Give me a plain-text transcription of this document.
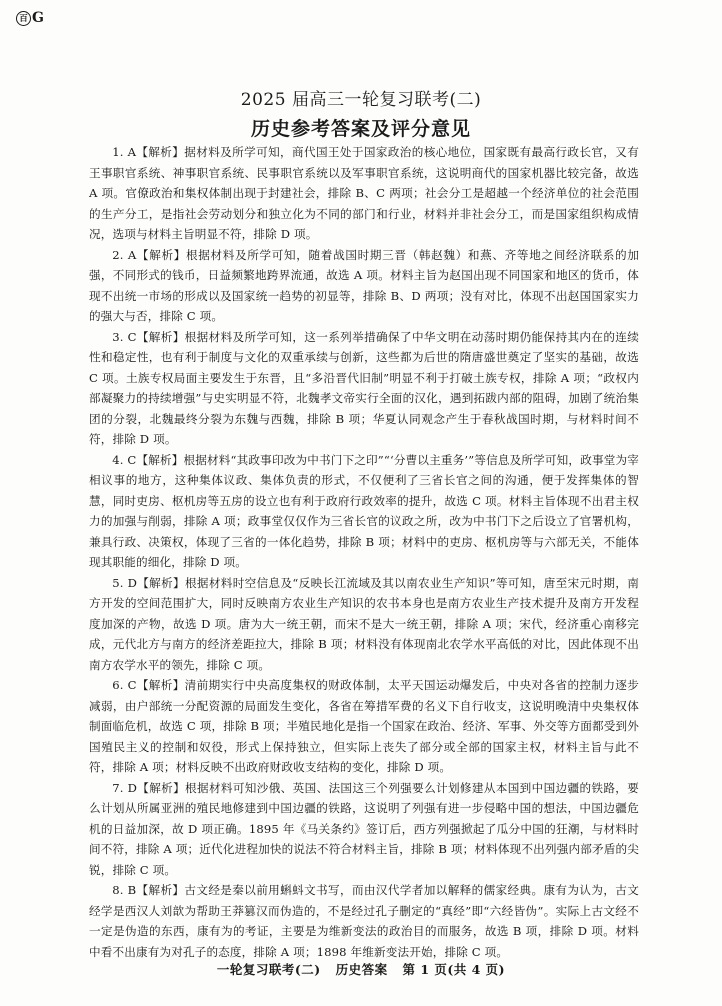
百 G
2025 届高三一轮复习联考(二)
历史参考答案及评分意见

1. A【解析】据材料及所学可知，商代国王处于国家政治的核心地位，国家既有最高行政长官，又有王事职官系统、神事职官系统、民事职官系统以及军事职官系统，这说明商代的国家机器比较完备，故选 A 项。官僚政治和集权体制出现于封建社会，排除 B、C 两项；社会分工是超越一个经济单位的社会范围的生产分工，是指社会劳动划分和独立化为不同的部门和行业，材料并非社会分工，而是国家组织构成情况，选项与材料主旨明显不符，排除 D 项。

2. A【解析】根据材料及所学可知，随着战国时期三晋（韩赵魏）和燕、齐等地之间经济联系的加强，不同形式的钱币，日益频繁地跨界流通，故选 A 项。材料主旨为赵国出现不同国家和地区的货币，体现不出统一市场的形成以及国家统一趋势的初显等，排除 B、D 两项；没有对比，体现不出赵国国家实力的强大与否，排除 C 项。

3. C【解析】根据材料及所学可知，这一系列举措确保了中华文明在动荡时期仍能保持其内在的连续性和稳定性，也有利于制度与文化的双重承续与创新，这些都为后世的隋唐盛世奠定了坚实的基础，故选 C 项。土族专权局面主要发生于东晋，且“多沿晋代旧制”明显不利于打破土族专权，排除 A 项；“政权内部凝聚力的持续增强”与史实明显不符，北魏孝文帝实行全面的汉化，遇到拓跋内部的阻碍，加剧了统治集团的分裂，北魏最终分裂为东魏与西魏，排除 B 项；华夏认同观念产生于春秋战国时期，与材料时间不符，排除 D 项。

4. C【解析】根据材料“其政事印改为中书门下之印”“‘分曹以主重务’”等信息及所学可知，政事堂为宰相议事的地方，这种集体议政、集体负责的形式，不仅便利了三省长官之间的沟通，便于发挥集体的智慧，同时吏房、枢机房等五房的设立也有利于政府行政效率的提升，故选 C 项。材料主旨体现不出君主权力的加强与削弱，排除 A 项；政事堂仅仅作为三省长官的议政之所，改为中书门下之后设立了官署机构，兼具行政、决策权，体现了三省的一体化趋势，排除 B 项；材料中的吏房、枢机房等与六部无关，不能体现其职能的细化，排除 D 项。

5. D【解析】根据材料时空信息及“反映长江流域及其以南农业生产知识”等可知，唐至宋元时期，南方开发的空间范围扩大，同时反映南方农业生产知识的农书本身也是南方农业生产技术提升及南方开发程度加深的产物，故选 D 项。唐为大一统王朝，而宋不是大一统王朝，排除 A 项；宋代，经济重心南移完成，元代北方与南方的经济差距拉大，排除 B 项；材料没有体现南北农学水平高低的对比，因此体现不出南方农学水平的领先，排除 C 项。

6. C【解析】清前期实行中央高度集权的财政体制，太平天国运动爆发后，中央对各省的控制力逐步减弱，由户部统一分配资源的局面发生变化，各省在筹措军费的名义下自行收支，这说明晚清中央集权体制面临危机，故选 C 项，排除 B 项；半殖民地化是指一个国家在政治、经济、军事、外交等方面都受到外国殖民主义的控制和奴役，形式上保持独立，但实际上丧失了部分或全部的国家主权，材料主旨与此不符，排除 A 项；材料反映不出政府财政收支结构的变化，排除 D 项。

7. D【解析】根据材料可知沙俄、英国、法国这三个列强要么计划修建从本国到中国边疆的铁路，要么计划从所属亚洲的殖民地修建到中国边疆的铁路，这说明了列强有进一步侵略中国的想法，中国边疆危机的日益加深，故 D 项正确。1895 年《马关条约》签订后，西方列强掀起了瓜分中国的狂潮，与材料时间不符，排除 A 项；近代化进程加快的说法不符合材料主旨，排除 B 项；材料体现不出列强内部矛盾的尖锐，排除 C 项。

8. B【解析】古文经是秦以前用蝌蚪文书写，而由汉代学者加以解释的儒家经典。康有为认为，古文经学是西汉人刘歆为帮助王莽篡汉而伪造的，不是经过孔子删定的“真经”即“六经皆伪”。实际上古文经不一定是伪造的东西，康有为的考证，主要是为维新变法的政治目的而服务，故选 B 项，排除 D 项。材料中看不出康有为对孔子的态度，排除 A 项；1898 年维新变法开始，排除 C 项。

一轮复习联考(二) 历史答案 第 1 页(共 4 页)
